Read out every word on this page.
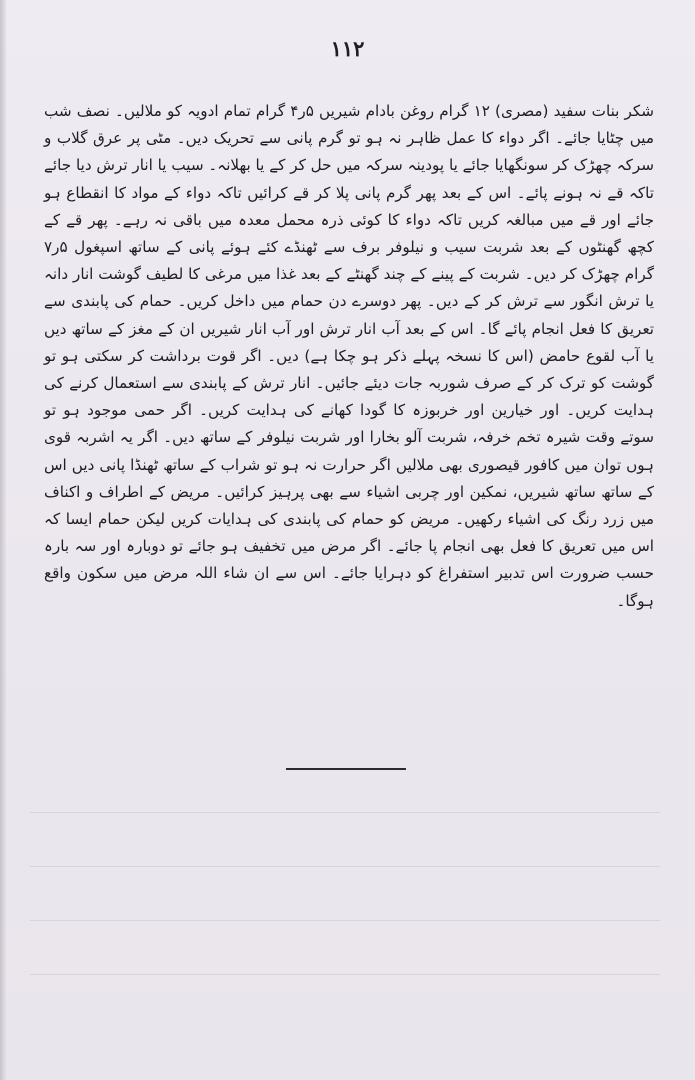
۱۱۲

شکر بنات سفید (مصری) ۱۲ گرام روغن بادام شیریں ۵ر۴ گرام تمام ادویہ کو ملالیں۔ نصف شب میں چٹایا جائے۔ اگر دواء کا عمل ظاہر نہ ہو تو گرم پانی سے تحریک دیں۔ مٹی پر عرق گلاب و سرکہ چھڑک کر سونگھایا جائے یا پودینہ سرکہ میں حل کر کے یا بھلانہ۔ سیب یا انار ترش دیا جائے تاکہ قے نہ ہونے پائے۔ اس کے بعد پھر گرم پانی پلا کر قے کرائیں تاکہ دواء کے مواد کا انقطاع ہو جائے اور قے میں مبالغہ کریں تاکہ دواء کا کوئی ذرہ محمل معدہ میں باقی نہ رہے۔ پھر قے کے کچھ گھنٹوں کے بعد شربت سیب و نیلوفر برف سے ٹھنڈے کئے ہوئے پانی کے ساتھ اسپغول ۵ر۷ گرام چھڑک کر دیں۔ شربت کے پینے کے چند گھنٹے کے بعد غذا میں مرغی کا لطیف گوشت انار دانہ یا ترش انگور سے ترش کر کے دیں۔ پھر دوسرے دن حمام میں داخل کریں۔ حمام کی پابندی سے تعریق کا فعل انجام پائے گا۔ اس کے بعد آب انار ترش اور آب انار شیریں ان کے مغز کے ساتھ دیں یا آب لقوع حامض (اس کا نسخہ پہلے ذکر ہو چکا ہے) دیں۔ اگر قوت برداشت کر سکتی ہو تو گوشت کو ترک کر کے صرف شوربہ جات دیئے جائیں۔ انار ترش کے پابندی سے استعمال کرنے کی ہدایت کریں۔ اور خیارین اور خربوزہ کا گودا کھانے کی ہدایت کریں۔ اگر حمی موجود ہو تو سوتے وقت شیرہ تخم خرفہ، شربت آلو بخارا اور شربت نیلوفر کے ساتھ دیں۔ اگر یہ اشربہ قوی ہوں توان میں کافور قیصوری بھی ملالیں اگر حرارت نہ ہو تو شراب کے ساتھ ٹھنڈا پانی دیں اس کے ساتھ ساتھ شیریں، نمکین اور چربی اشیاء سے بھی پرہیز کرائیں۔ مریض کے اطراف و اکناف میں زرد رنگ کی اشیاء رکھیں۔ مریض کو حمام کی پابندی کی ہدایات کریں لیکن حمام ایسا کہ اس میں تعریق کا فعل بھی انجام پا جائے۔ اگر مرض میں تخفیف ہو جائے تو دوبارہ اور سہ بارہ حسب ضرورت اس تدبیر استفراغ کو دہرایا جائے۔ اس سے ان شاء اللہ مرض میں سکون واقع ہوگا۔
